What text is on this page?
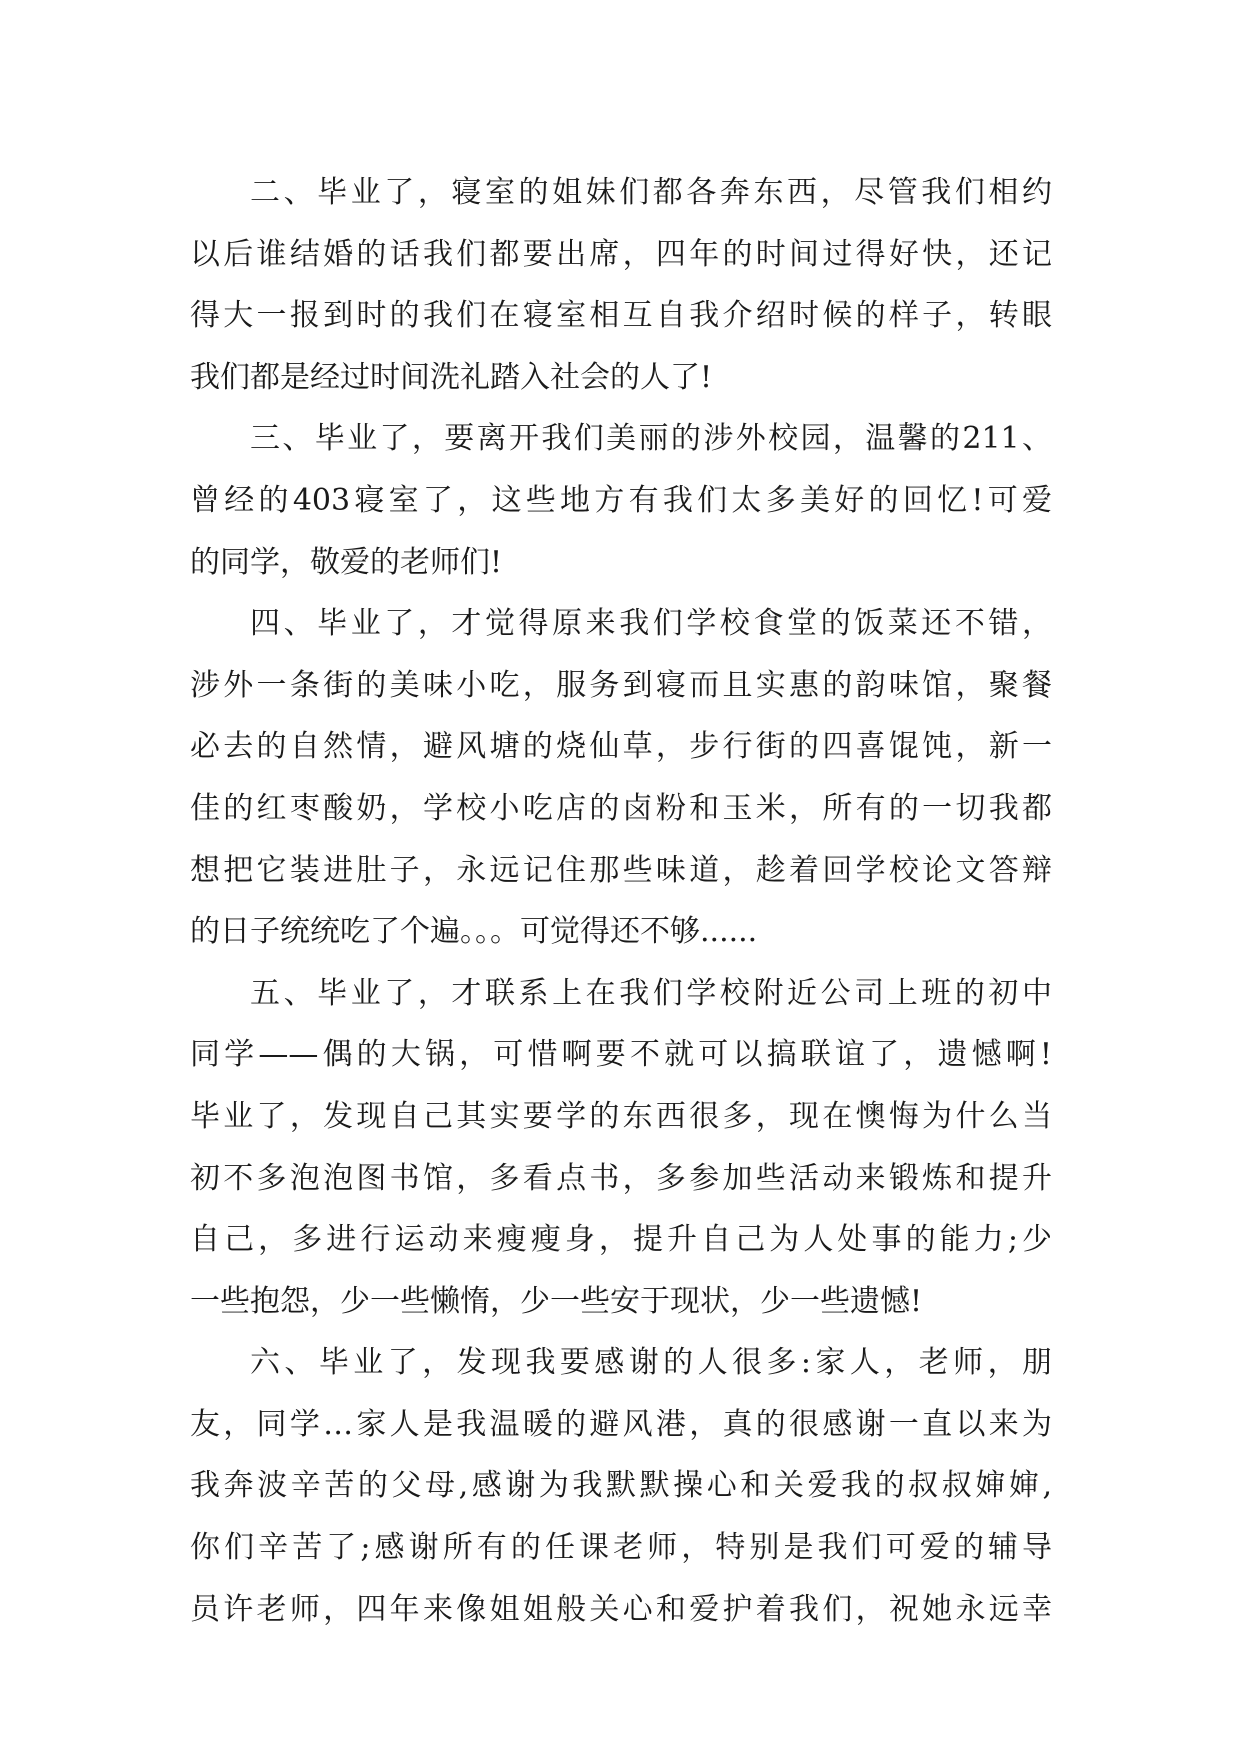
二、毕业了，寝室的姐妹们都各奔东西，尽管我们相约
以后谁结婚的话我们都要出席，四年的时间过得好快，还记
得大一报到时的我们在寝室相互自我介绍时候的样子，转眼
我们都是经过时间洗礼踏入社会的人了!
三、毕业了，要离开我们美丽的涉外校园，温馨的211、
曾经的403寝室了，这些地方有我们太多美好的回忆!可爱
的同学，敬爱的老师们!
四、毕业了，才觉得原来我们学校食堂的饭菜还不错，
涉外一条街的美味小吃，服务到寝而且实惠的韵味馆，聚餐
必去的自然情，避风塘的烧仙草，步行街的四喜馄饨，新一
佳的红枣酸奶，学校小吃店的卤粉和玉米，所有的一切我都
想把它装进肚子，永远记住那些味道，趁着回学校论文答辩
的日子统统吃了个遍。。。可觉得还不够......
五、毕业了，才联系上在我们学校附近公司上班的初中
同学——偶的大锅，可惜啊要不就可以搞联谊了，遗憾啊!
毕业了，发现自己其实要学的东西很多，现在懊悔为什么当
初不多泡泡图书馆，多看点书，多参加些活动来锻炼和提升
自己，多进行运动来瘦瘦身，提升自己为人处事的能力;少
一些抱怨，少一些懒惰，少一些安于现状，少一些遗憾!
六、毕业了，发现我要感谢的人很多:家人，老师，朋
友，同学…家人是我温暖的避风港，真的很感谢一直以来为
我奔波辛苦的父母,感谢为我默默操心和关爱我的叔叔婶婶,
你们辛苦了;感谢所有的任课老师，特别是我们可爱的辅导
员许老师，四年来像姐姐般关心和爱护着我们，祝她永远幸
